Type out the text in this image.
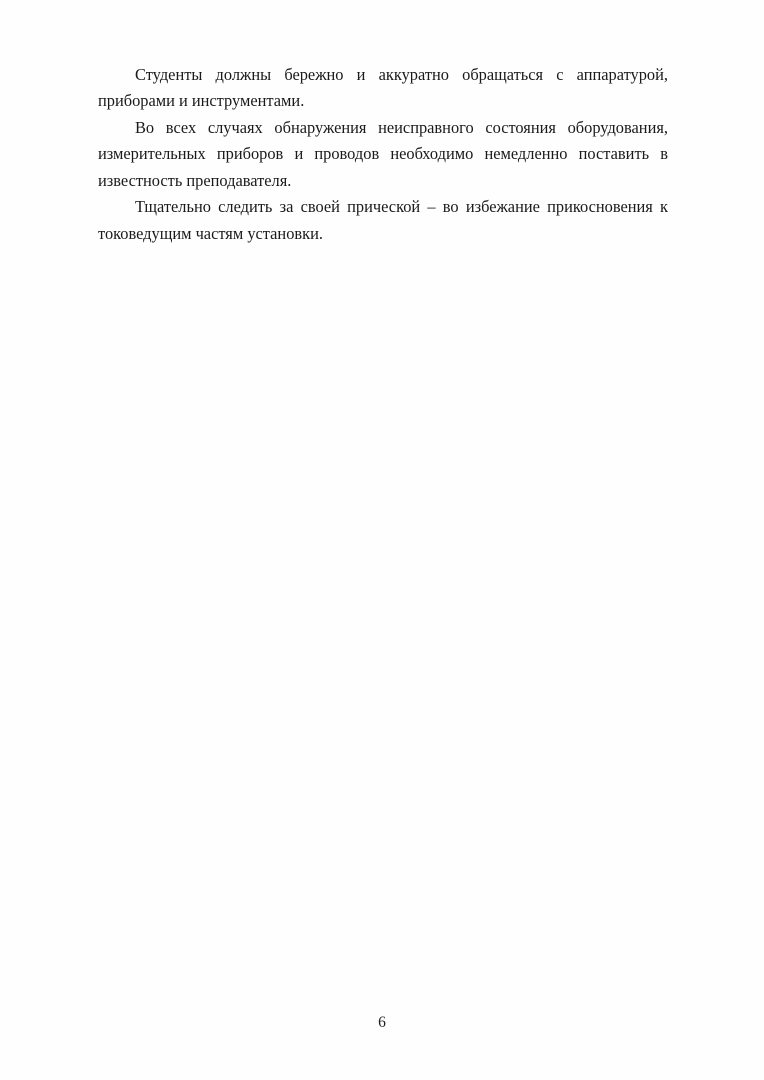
Студенты должны бережно и аккуратно обращаться с аппаратурой, приборами и инструментами.

Во всех случаях обнаружения неисправного состояния оборудования, измерительных приборов и проводов необходимо немедленно поставить в известность преподавателя.

Тщательно следить за своей прической – во избежание прикосновения к токоведущим частям установки.

6
